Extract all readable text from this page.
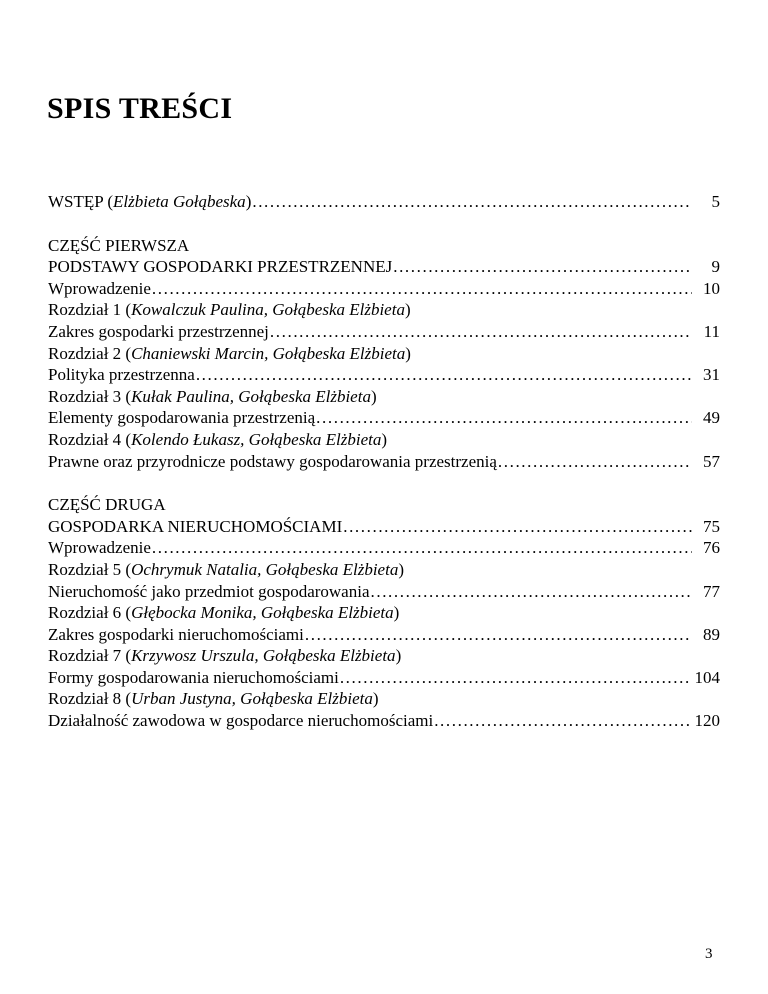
SPIS TREŚCI
WSTĘP (Elżbieta Gołąbeska) .....	5
CZĘŚĆ PIERWSZA
PODSTAWY GOSPODARKI PRZESTRZENNEJ .....	9
Wprowadzenie .....	10
Rozdział 1 (Kowalczuk Paulina, Gołąbeska Elżbieta)
Zakres gospodarki przestrzennej .....	11
Rozdział 2 (Chaniewski Marcin, Gołąbeska Elżbieta)
Polityka przestrzenna .....	31
Rozdział 3 (Kułak Paulina, Gołąbeska Elżbieta)
Elementy gospodarowania przestrzenią .....	49
Rozdział 4 (Kolendo Łukasz, Gołąbeska Elżbieta)
Prawne oraz przyrodnicze podstawy gospodarowania przestrzenią .....	57
CZĘŚĆ DRUGA
GOSPODARKA NIERUCHOMOŚCIAMI .....	75
Wprowadzenie .....	76
Rozdział 5 (Ochrymuk Natalia, Gołąbeska Elżbieta)
Nieruchomość jako przedmiot gospodarowania .....	77
Rozdział 6 (Głębocka Monika, Gołąbeska Elżbieta)
Zakres gospodarki nieruchomościami .....	89
Rozdział 7 (Krzywosz Urszula, Gołąbeska Elżbieta)
Formy gospodarowania nieruchomościami .....	104
Rozdział 8 (Urban Justyna, Gołąbeska Elżbieta)
Działalność zawodowa w gospodarce nieruchomościami .....	120
3
